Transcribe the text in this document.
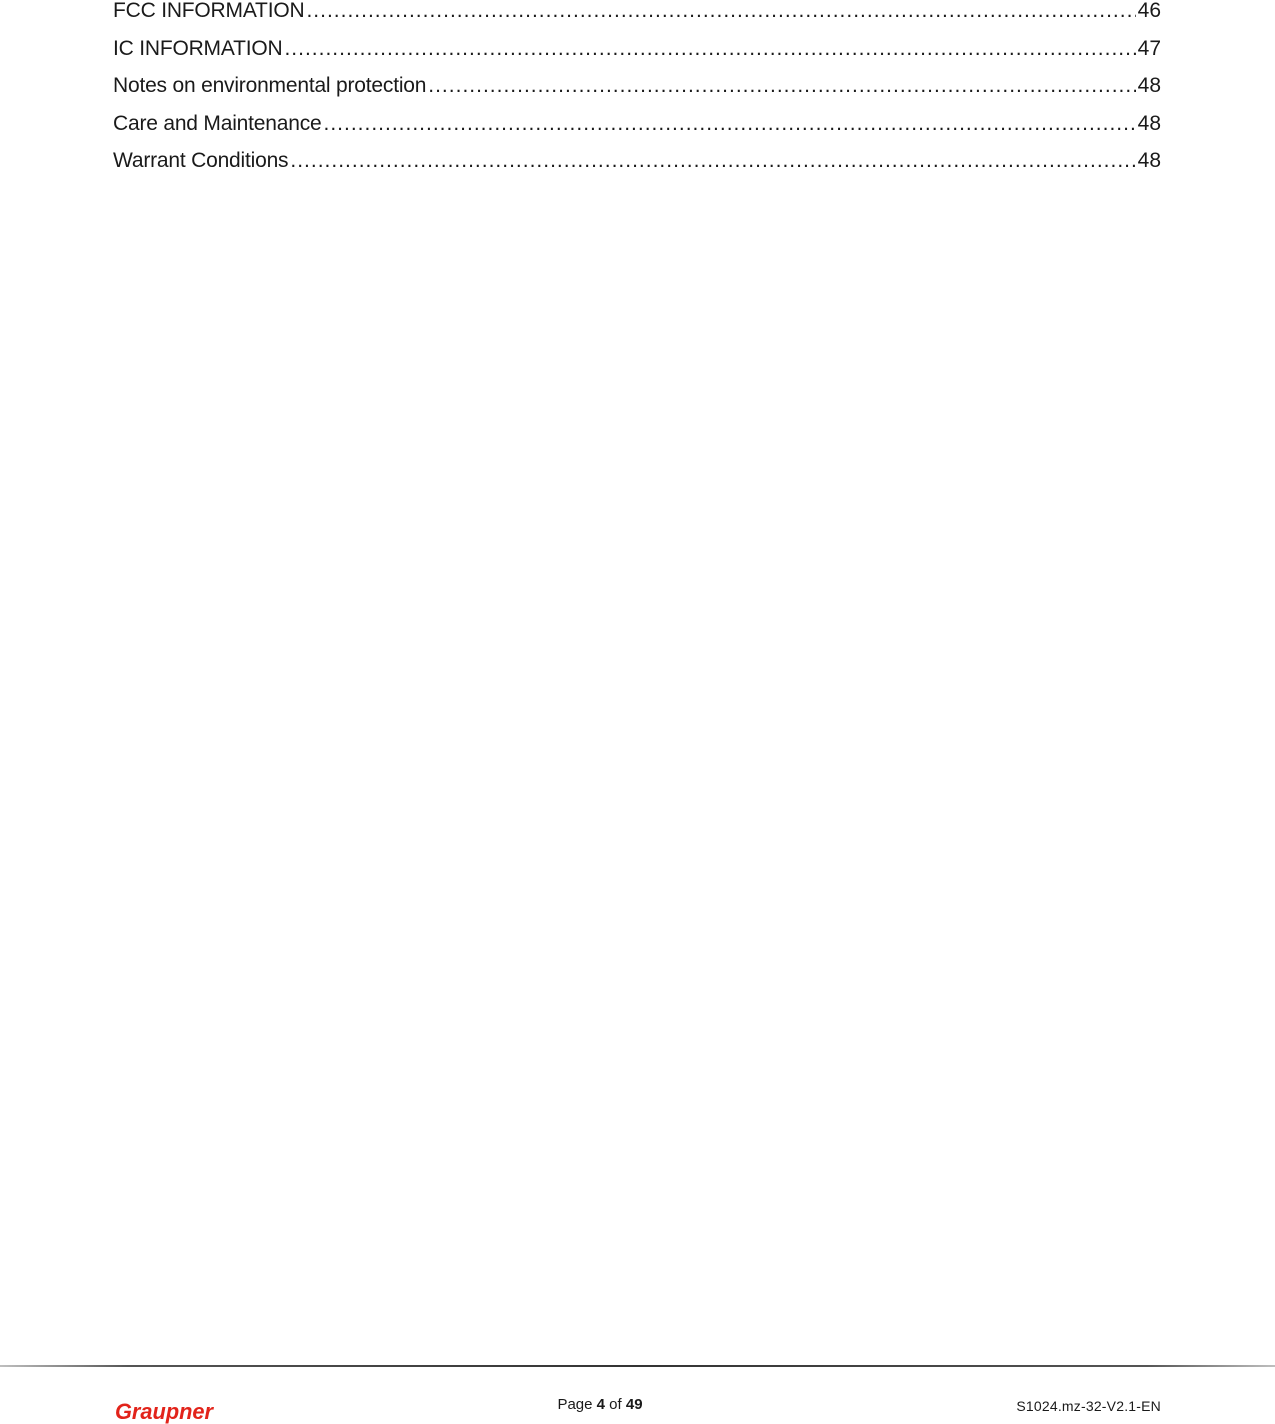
FCC INFORMATION .....	46
IC INFORMATION .....	47
Notes on environmental protection .....	48
Care and Maintenance .....	48
Warrant Conditions .....	48
Graupner	Page 4 of 49	S1024.mz-32-V2.1-EN
